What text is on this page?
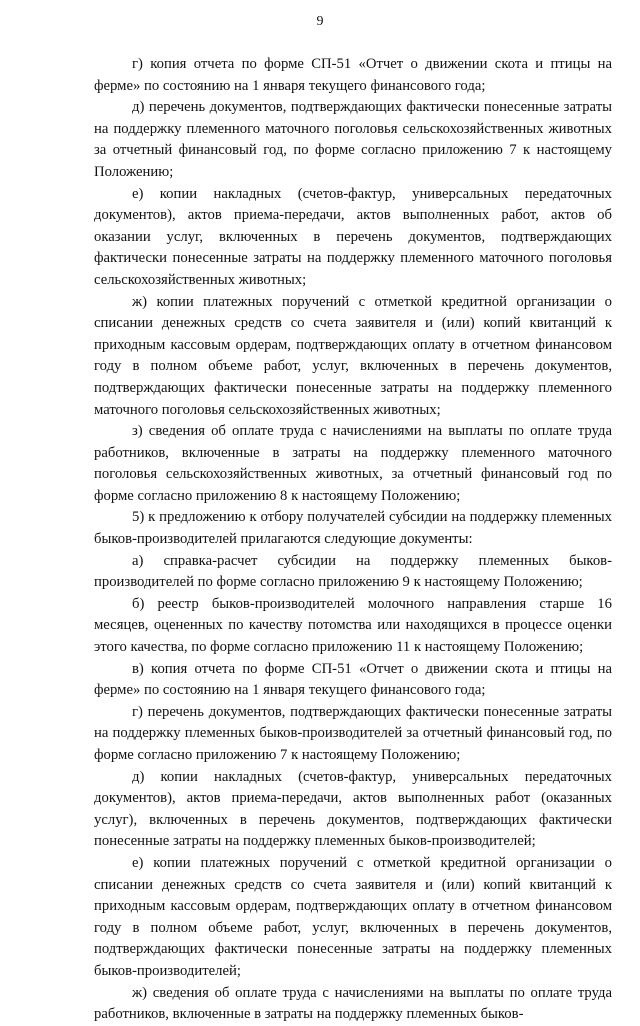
9

г) копия отчета по форме СП-51 «Отчет о движении скота и птицы на ферме» по состоянию на 1 января текущего финансового года;

д) перечень документов, подтверждающих фактически понесенные затраты на поддержку племенного маточного поголовья сельскохозяйственных животных за отчетный финансовый год, по форме согласно приложению 7 к настоящему Положению;

е) копии накладных (счетов-фактур, универсальных передаточных документов), актов приема-передачи, актов выполненных работ, актов об оказании услуг, включенных в перечень документов, подтверждающих фактически понесенные затраты на поддержку племенного маточного поголовья сельскохозяйственных животных;

ж) копии платежных поручений с отметкой кредитной организации о списании денежных средств со счета заявителя и (или) копий квитанций к приходным кассовым ордерам, подтверждающих оплату в отчетном финансовом году в полном объеме работ, услуг, включенных в перечень документов, подтверждающих фактически понесенные затраты на поддержку племенного маточного поголовья сельскохозяйственных животных;

з) сведения об оплате труда с начислениями на выплаты по оплате труда работников, включенные в затраты на поддержку племенного маточного поголовья сельскохозяйственных животных, за отчетный финансовый год по форме согласно приложению 8 к настоящему Положению;

5) к предложению к отбору получателей субсидии на поддержку племенных быков-производителей прилагаются следующие документы:

а) справка-расчет субсидии на поддержку племенных быков-производителей по форме согласно приложению 9 к настоящему Положению;

б) реестр быков-производителей молочного направления старше 16 месяцев, оцененных по качеству потомства или находящихся в процессе оценки этого качества, по форме согласно приложению 11 к настоящему Положению;

в) копия отчета по форме СП-51 «Отчет о движении скота и птицы на ферме» по состоянию на 1 января текущего финансового года;

г) перечень документов, подтверждающих фактически понесенные затраты на поддержку племенных быков-производителей за отчетный финансовый год, по форме согласно приложению 7 к настоящему Положению;

д) копии накладных (счетов-фактур, универсальных передаточных документов), актов приема-передачи, актов выполненных работ (оказанных услуг), включенных в перечень документов, подтверждающих фактически понесенные затраты на поддержку племенных быков-производителей;

е) копии платежных поручений с отметкой кредитной организации о списании денежных средств со счета заявителя и (или) копий квитанций к приходным кассовым ордерам, подтверждающих оплату в отчетном финансовом году в полном объеме работ, услуг, включенных в перечень документов, подтверждающих фактически понесенные затраты на поддержку племенных быков-производителей;

ж) сведения об оплате труда с начислениями на выплаты по оплате труда работников, включенные в затраты на поддержку племенных быков-
